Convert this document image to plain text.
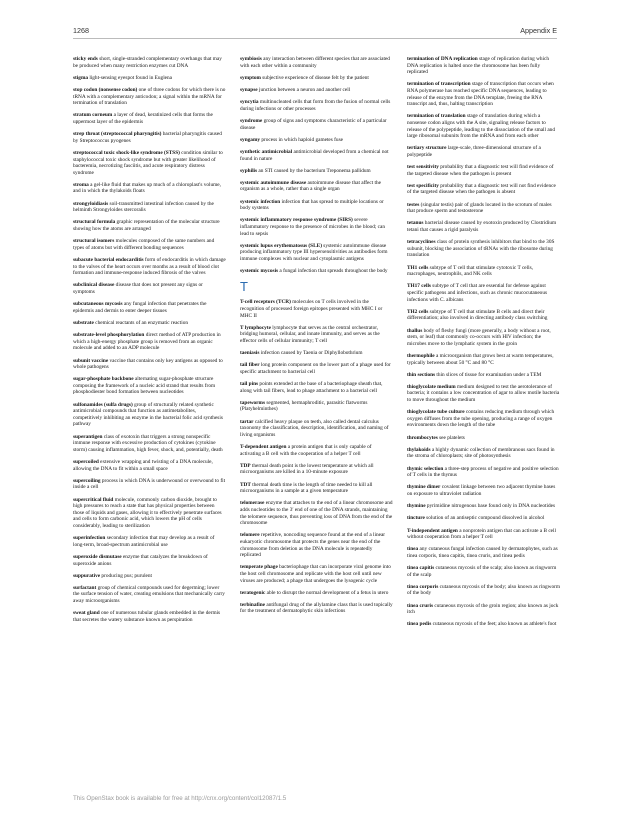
1268	Appendix E

sticky ends short, single-stranded complementary overhangs that may be produced when many restriction enzymes cut DNA

stigma light-sensing eyespot found in Euglena

stop codon (nonsense codon) one of three codons for which there is no tRNA with a complementary anticodon; a signal within the mRNA for termination of translation

stratum corneum a layer of dead, keratinized cells that forms the uppermost layer of the epidermis

strep throat (streptococcal pharyngitis) bacterial pharyngitis caused by Streptococcus pyogenes

streptococcal toxic shock-like syndrome (STSS) condition similar to staphylococcal toxic shock syndrome but with greater likelihood of bacteremia, necrotizing fasciitis, and acute respiratory distress syndrome

stroma a gel-like fluid that makes up much of a chloroplast's volume, and in which the thylakoids floats

strongyloidiasis soil-transmitted intestinal infection caused by the helminth Strongyloides stercoralis

structural formula graphic representation of the molecular structure showing how the atoms are arranged

structural isomers molecules composed of the same numbers and types of atoms but with different bonding sequences

subacute bacterial endocarditis form of endocarditis in which damage to the valves of the heart occurs over months as a result of blood clot formation and immune-response induced fibrosis of the valves

subclinical disease disease that does not present any signs or symptoms

subcutaneous mycosis any fungal infection that penetrates the epidermis and dermis to enter deeper tissues

substrate chemical reactants of an enzymatic reaction

substrate-level phosphorylation direct method of ATP production in which a high-energy phosphate group is removed from an organic molecule and added to an ADP molecule

subunit vaccine vaccine that contains only key antigens as opposed to whole pathogens

sugar-phosphate backbone alternating sugar-phosphate structure composing the framework of a nucleic acid strand that results from phosphodiester bond formation between nucleotides

sulfonamides (sulfa drugs) group of structurally related synthetic antimicrobial compounds that function as antimetabolites, competitively inhibiting an enzyme in the bacterial folic acid synthesis pathway

superantigen class of exotoxin that triggers a strong nonspecific immune response with excessive production of cytokines (cytokine storm) causing inflammation, high fever, shock, and, potentially, death

supercoiled extensive wrapping and twisting of a DNA molecule, allowing the DNA to fit within a small space

supercoiling process in which DNA is underwound or overwound to fit inside a cell

supercritical fluid molecule, commonly carbon dioxide, brought to high pressures to reach a state that has physical properties between those of liquids and gases, allowing it to effectively penetrate surfaces and cells to form carbonic acid, which lowers the pH of cells considerably, leading to sterilization

superinfection secondary infection that may develop as a result of long-term, broad-spectrum antimicrobial use

superoxide dismutase enzyme that catalyzes the breakdown of superoxide anions

suppurative producing pus; purulent

surfactant group of chemical compounds used for degerming; lower the surface tension of water, creating emulsions that mechanically carry away microorganisms

sweat gland one of numerous tubular glands embedded in the dermis that secretes the watery substance known as perspiration

symbiosis any interaction between different species that are associated with each other within a community

symptom subjective experience of disease felt by the patient

synapse junction between a neuron and another cell

syncytia multinucleated cells that form from the fusion of normal cells during infections or other processes

syndrome group of signs and symptoms characteristic of a particular disease

syngamy process in which haploid gametes fuse

synthetic antimicrobial antimicrobial developed from a chemical not found in nature

syphilis an STI caused by the bacterium Treponema pallidum

systemic autoimmune disease autoimmune disease that affect the organism as a whole, rather than a single organ

systemic infection infection that has spread to multiple locations or body systems

systemic inflammatory response syndrome (SIRS) severe inflammatory response to the presence of microbes in the blood; can lead to sepsis

systemic lupus erythematosus (SLE) systemic autoimmune disease producing inflammatory type III hypersensitivities as antibodies form immune complexes with nuclear and cytoplasmic antigens

systemic mycosis a fungal infection that spreads throughout the body

T

T-cell receptors (TCR) molecules on T cells involved in the recognition of processed foreign epitopes presented with MHC I or MHC II

T lymphocyte lymphocyte that serves as the central orchestrator, bridging humoral, cellular, and innate immunity, and serves as the effector cells of cellular immunity; T cell

taeniasis infection caused by Taenia or Diphyllobothrium

tail fiber long protein component on the lower part of a phage used for specific attachment to bacterial cell

tail pins points extended at the base of a bacteriophage sheath that, along with tail fibers, lead to phage attachment to a bacterial cell

tapeworms segmented, hermaphroditic, parasitic flatworms (Platyhelminthes)

tartar calcified heavy plaque on teeth, also called dental calculus taxonomy the classification, description, identification, and naming of living organisms

T-dependent antigen a protein antigen that is only capable of activating a B cell with the cooperation of a helper T cell

TDP thermal death point is the lowest temperature at which all microorganisms are killed in a 10-minute exposure

TDT thermal death time is the length of time needed to kill all microorganisms in a sample at a given temperature

telomerase enzyme that attaches to the end of a linear chromosome and adds nucleotides to the 3′ end of one of the DNA strands, maintaining the telomere sequence, thus preventing loss of DNA from the end of the chromosome

telomere repetitive, noncoding sequence found at the end of a linear eukaryotic chromosome that protects the genes near the end of the chromosome from deletion as the DNA molecule is repeatedly replicated

temperate phage bacteriophage that can incorporate viral genome into the host cell chromosome and replicate with the host cell until new viruses are produced; a phage that undergoes the lysogenic cycle

teratogenic able to disrupt the normal development of a fetus in utero

terbinafine antifungal drug of the allylamine class that is used topically for the treatment of dermatophytic skin infections

termination of DNA replication stage of replication during which DNA replication is halted once the chromosome has been fully replicated

termination of transcription stage of transcription that occurs when RNA polymerase has reached specific DNA sequences, leading to release of the enzyme from the DNA template, freeing the RNA transcript and, thus, halting transcription

termination of translation stage of translation during which a nonsense codon aligns with the A site, signaling release factors to release of the polypeptide, leading to the dissociation of the small and large ribosomal subunits from the mRNA and from each other

tertiary structure large-scale, three-dimensional structure of a polypeptide

test sensitivity probability that a diagnostic test will find evidence of the targeted disease when the pathogen is present

test specificity probability that a diagnostic test will not find evidence of the targeted disease when the pathogen is absent

testes (singular testis) pair of glands located in the scrotum of males that produce sperm and testosterone

tetanus bacterial disease caused by exotoxin produced by Clostridium tetani that causes a rigid paralysis

tetracyclines class of protein synthesis inhibitors that bind to the 30S subunit, blocking the association of tRNAs with the ribosome during translation

TH1 cells subtype of T cell that stimulate cytotoxic T cells, macrophages, neutrophils, and NK cells

TH17 cells subtype of T cell that are essential for defense against specific pathogens and infections, such as chronic mucocutaneous infections with C. albicans

TH2 cells subtype of T cell that stimulate B cells and direct their differentiation; also involved in directing antibody class switching

thallus body of fleshy fungi (more generally, a body without a root, stem, or leaf) that commonly co-occurs with HIV infection; the microbes move to the lymphatic system in the groin

thermophile a microorganism that grows best at warm temperatures, typically between about 50 °C and 80 °C

thin sections thin slices of tissue for examination under a TEM

thioglycolate medium medium designed to test the aerotolerance of bacteria; it contains a low concentration of agar to allow motile bacteria to move throughout the medium

thioglycolate tube culture contains reducing medium through which oxygen diffuses from the tube opening, producing a range of oxygen environments down the length of the tube

thrombocytes see platelets

thylakoids a highly dynamic collection of membranous sacs found in the stroma of chloroplasts; site of photosynthesis

thymic selection a three-step process of negative and positive selection of T cells in the thymus

thymine dimer covalent linkage between two adjacent thymine bases on exposure to ultraviolet radiation

thymine pyrimidine nitrogenous base found only in DNA nucleotides

tincture solution of an antiseptic compound dissolved in alcohol

T-independent antigen a nonprotein antigen that can activate a B cell without cooperation from a helper T cell

tinea any cutaneous fungal infection caused by dermatophytes, such as tinea corporis, tinea capitis, tinea cruris, and tinea pedis

tinea capitis cutaneous mycosis of the scalp; also known as ringworm of the scalp

tinea corporis cutaneous mycosis of the body; also known as ringworm of the body

tinea cruris cutaneous mycosis of the groin region; also known as jock itch

tinea pedis cutaneous mycosis of the feet; also known as athlete's foot

This OpenStax book is available for free at http://cnx.org/content/col12087/1.5
